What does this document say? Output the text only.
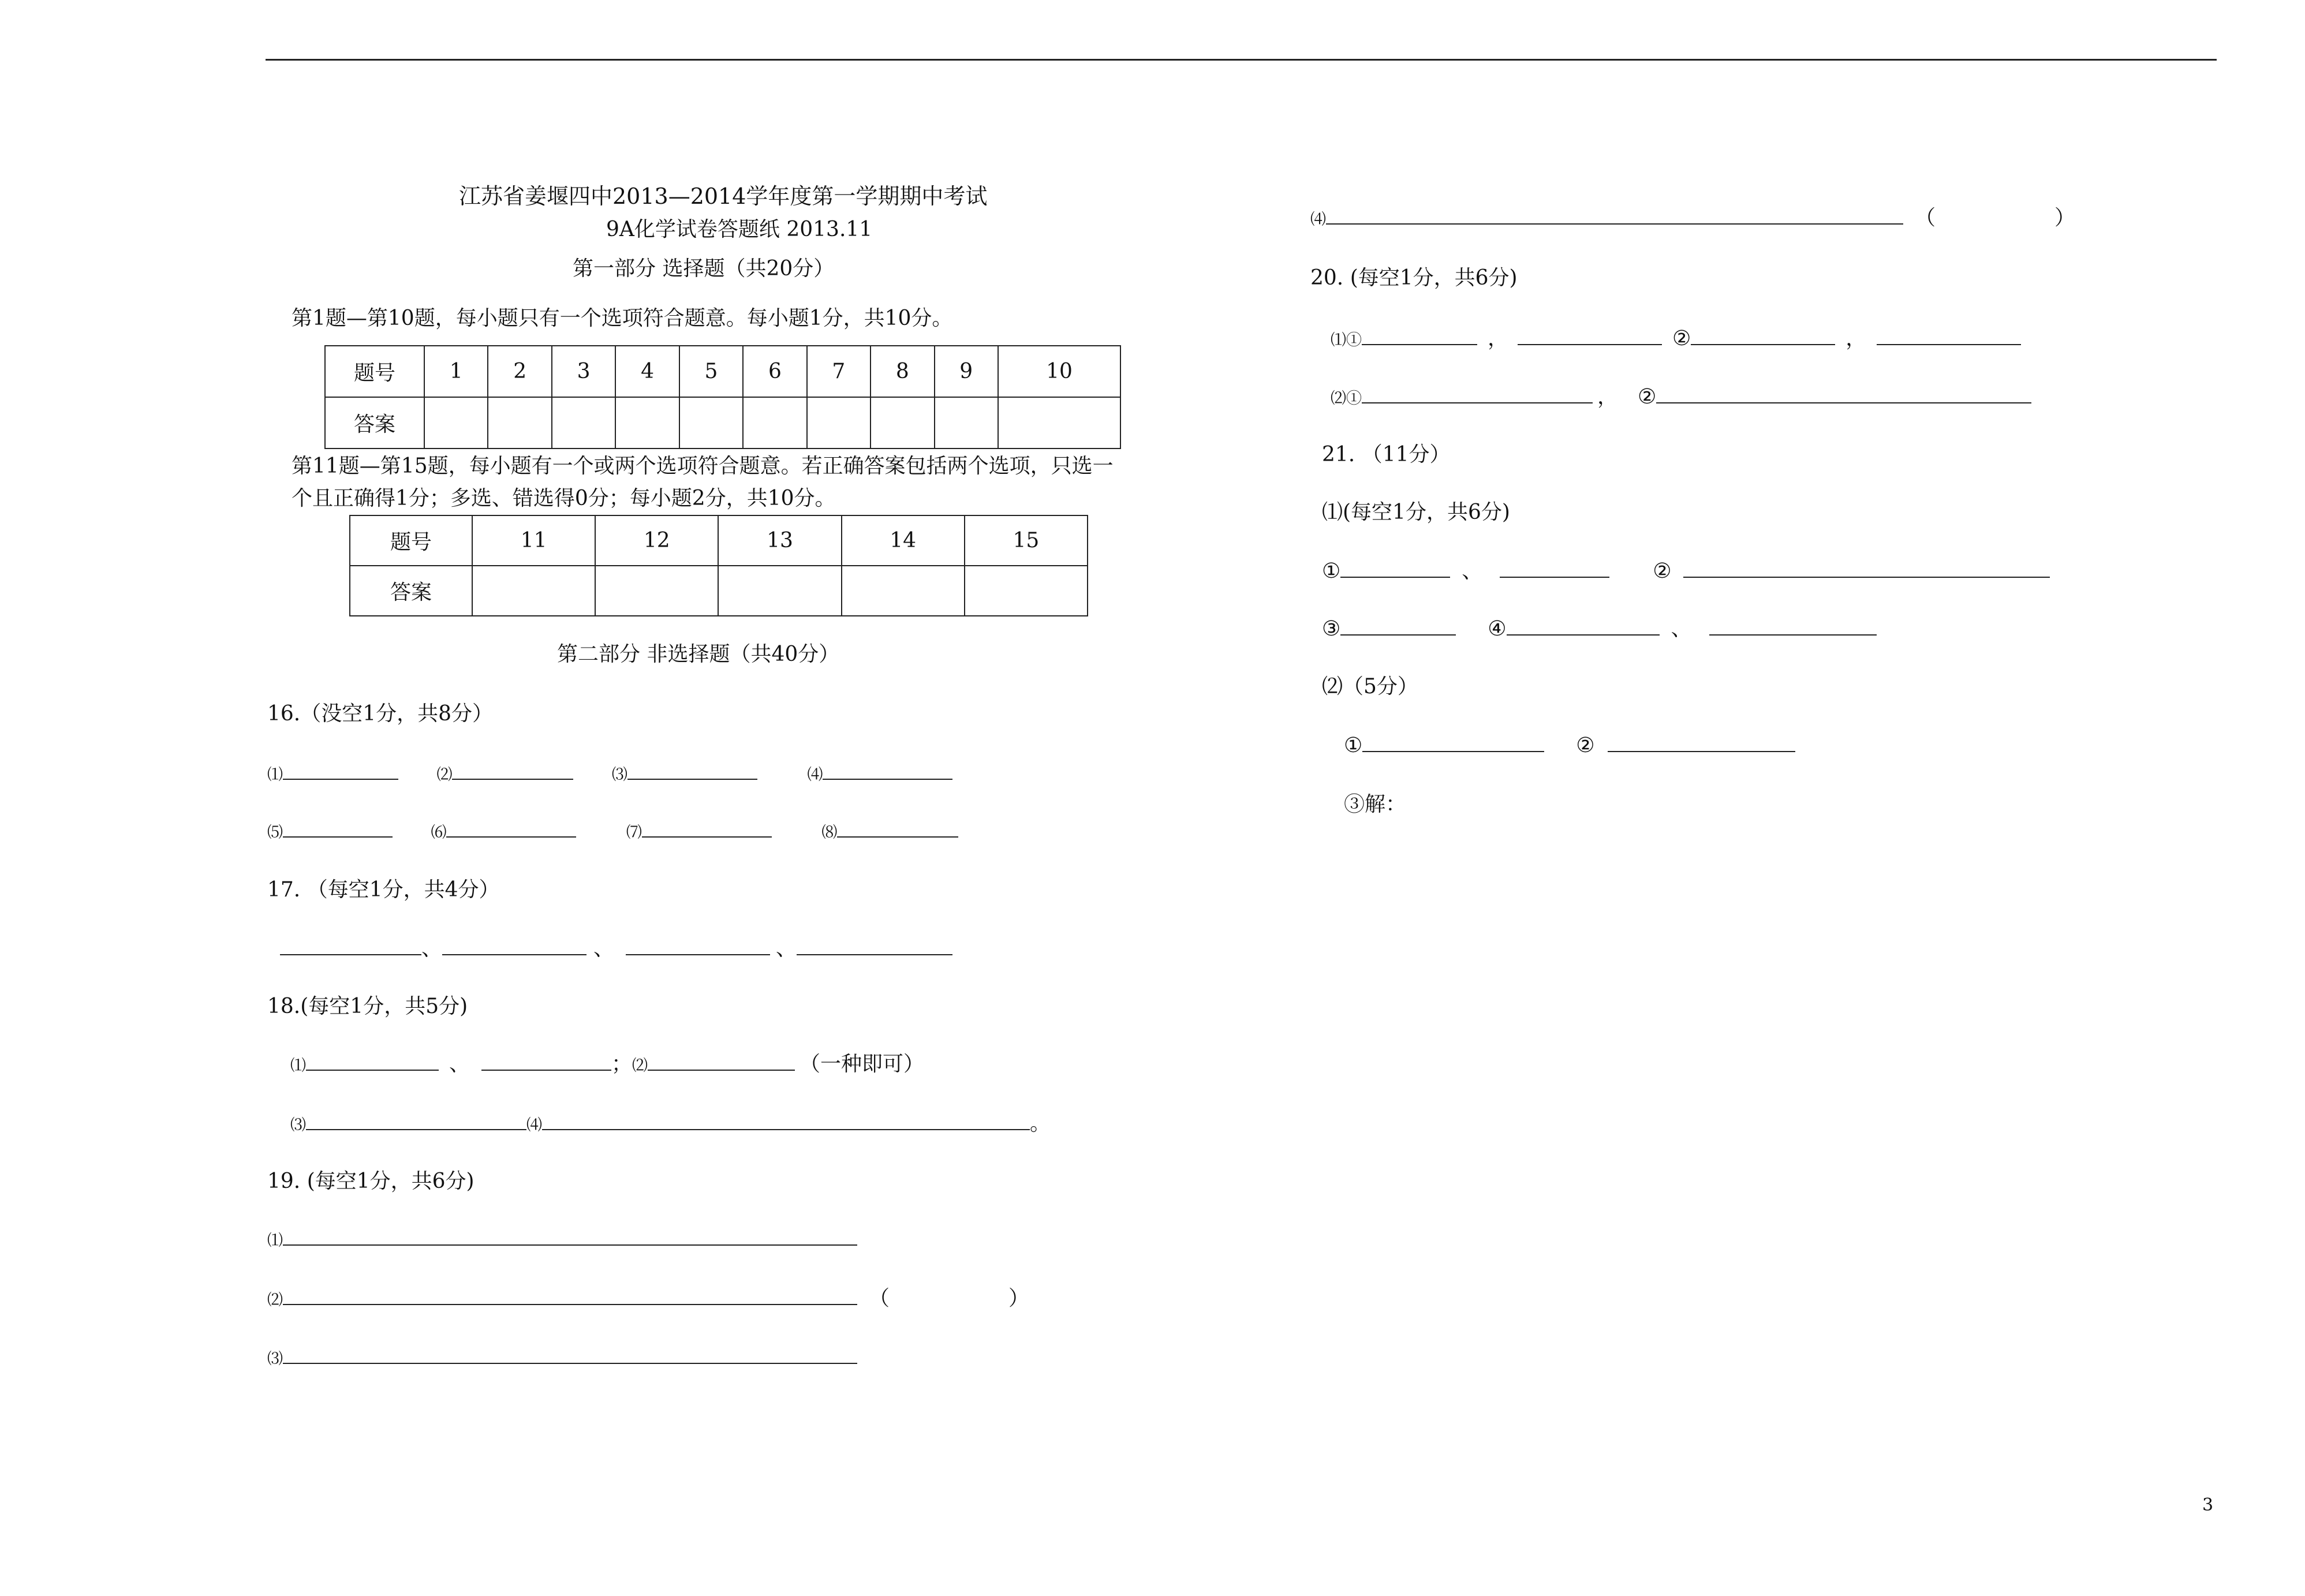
江苏省姜堰四中2013—2014学年度第一学期期中考试
9A化学试卷答题纸 2013.11
第一部分 选择题（共20分）
第1题—第10题，每小题只有一个选项符合题意。每小题1分，共10分。
题号	1	2	3	4	5	6	7	8	9	10
答案										
第11题—第15题，每小题有一个或两个选项符合题意。若正确答案包括两个选项，只选一
个且正确得1分；多选、错选得0分；每小题2分，共10分。
题号	11	12	13	14	15
答案					
第二部分 非选择题（共40分）
16.（没空1分，共8分）
⑴	⑵	⑶	⑷
⑸	⑹	⑺	⑻
17. （每空1分，共4分）
、	、	、
18.(每空1分，共5分)
⑴	、	；⑵	（一种即可）
⑶	⑷	。
19. (每空1分，共6分)
⑴
⑵	（                  ）
⑶
⑷	（                  ）
20. (每空1分，共6分)
⑴①	，	②	，
⑵①	， ②
21. （11分）
⑴(每空1分，共6分)
①	、	②
③	④	、
⑵（5分）
①	②
③解：
3
